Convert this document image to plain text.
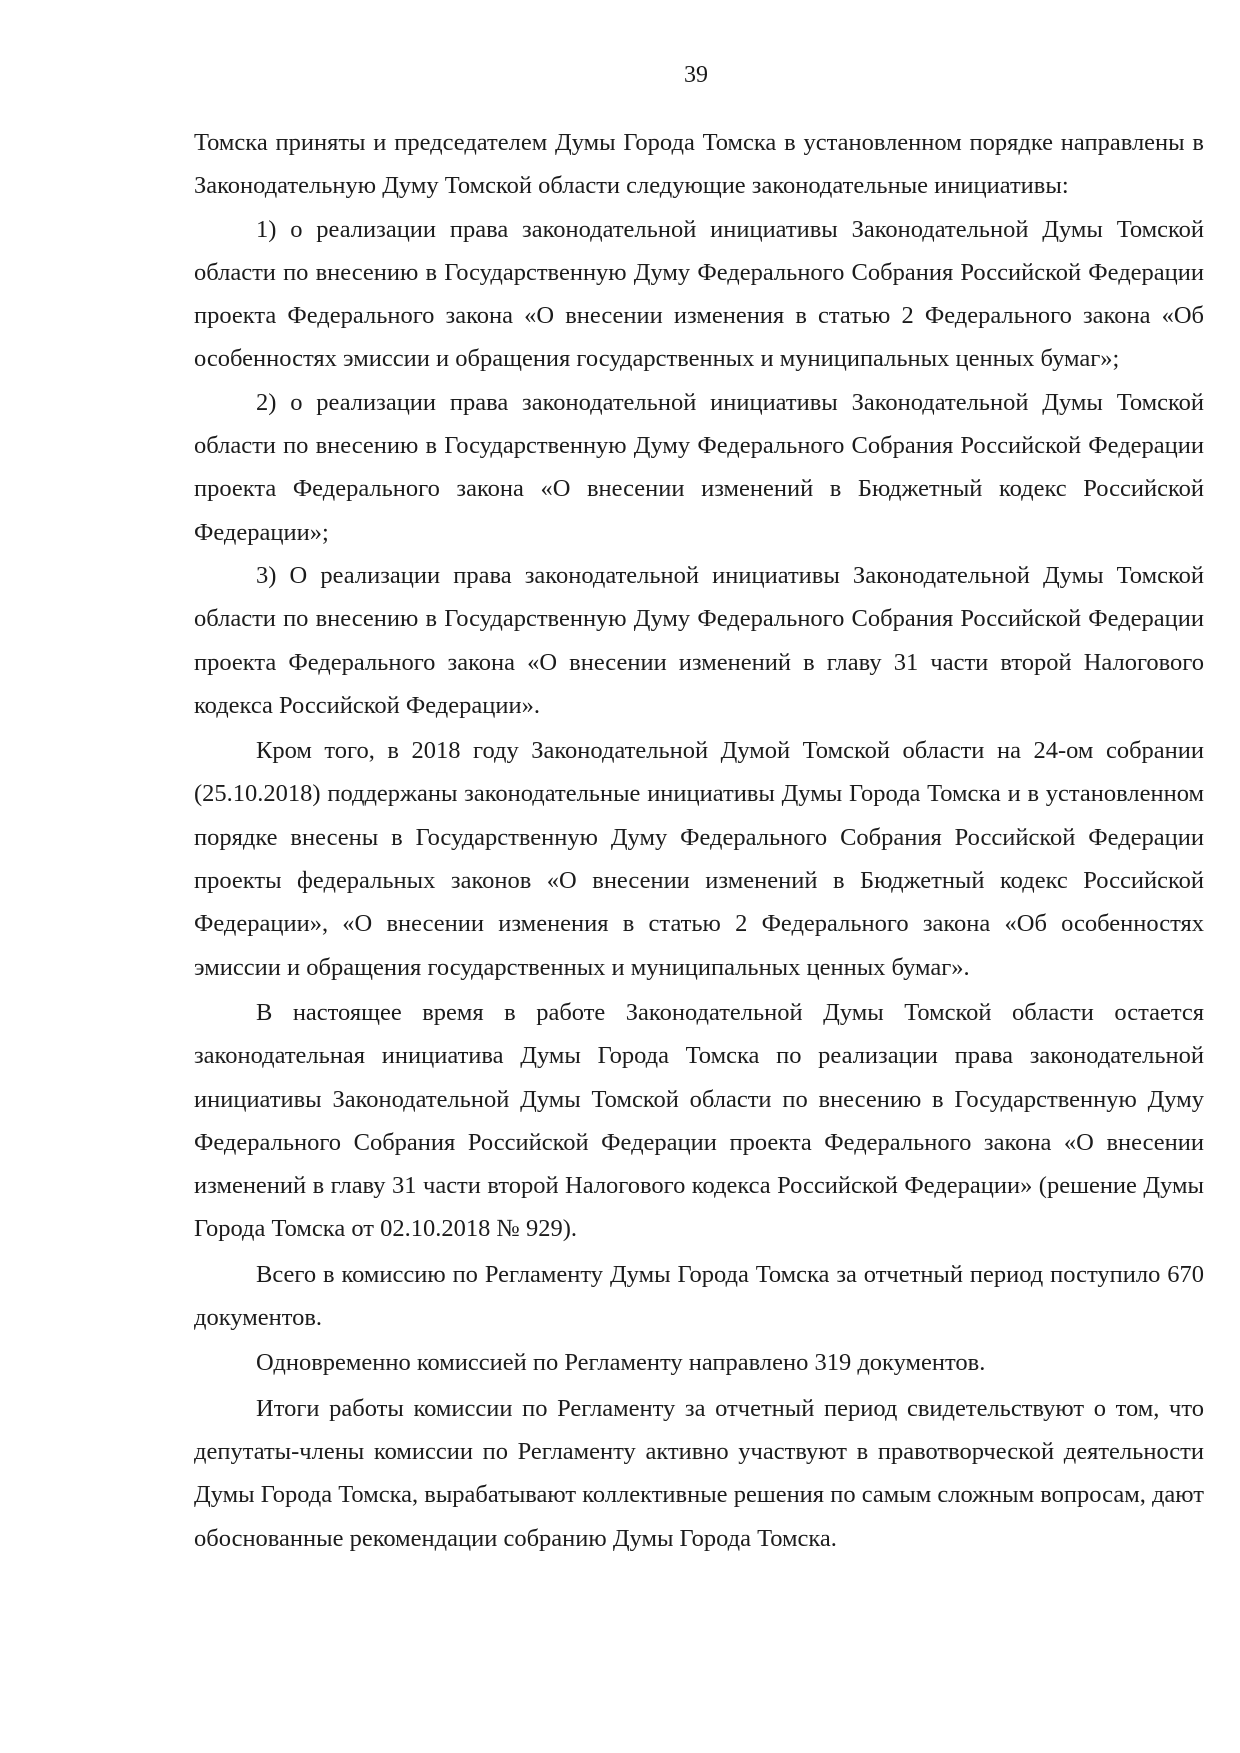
39

Томска приняты и председателем Думы Города Томска в установленном порядке направлены в Законодательную Думу Томской области следующие законодательные инициативы:

1) о реализации права законодательной инициативы Законодательной Думы Томской области по внесению в Государственную Думу Федерального Собрания Российской Федерации проекта Федерального закона «О внесении изменения в статью 2 Федерального закона «Об особенностях эмиссии и обращения государственных и муниципальных ценных бумаг»;

2) о реализации права законодательной инициативы Законодательной Думы Томской области по внесению в Государственную Думу Федерального Собрания Российской Федерации проекта Федерального закона «О внесении изменений в Бюджетный кодекс Российской Федерации»;

3) О реализации права законодательной инициативы Законодательной Думы Томской области по внесению в Государственную Думу Федерального Собрания Российской Федерации проекта Федерального закона «О внесении изменений в главу 31 части второй Налогового кодекса Российской Федерации».

Кром того, в 2018 году Законодательной Думой Томской области на 24-ом собрании (25.10.2018) поддержаны законодательные инициативы Думы Города Томска и в установленном порядке внесены в Государственную Думу Федерального Собрания Российской Федерации проекты федеральных законов «О внесении изменений в Бюджетный кодекс Российской Федерации», «О внесении изменения в статью 2 Федерального закона «Об особенностях эмиссии и обращения государственных и муниципальных ценных бумаг».

В настоящее время в работе Законодательной Думы Томской области остается законодательная инициатива Думы Города Томска по реализации права законодательной инициативы Законодательной Думы Томской области по внесению в Государственную Думу Федерального Собрания Российской Федерации проекта Федерального закона «О внесении изменений в главу 31 части второй Налогового кодекса Российской Федерации» (решение Думы Города Томска от 02.10.2018 № 929).

Всего в комиссию по Регламенту Думы Города Томска за отчетный период поступило 670 документов.

Одновременно комиссией по Регламенту направлено 319 документов.

Итоги работы комиссии по Регламенту за отчетный период свидетельствуют о том, что депутаты-члены комиссии по Регламенту активно участвуют в правотворческой деятельности Думы Города Томска, вырабатывают коллективные решения по самым сложным вопросам, дают обоснованные рекомендации собранию Думы Города Томска.
